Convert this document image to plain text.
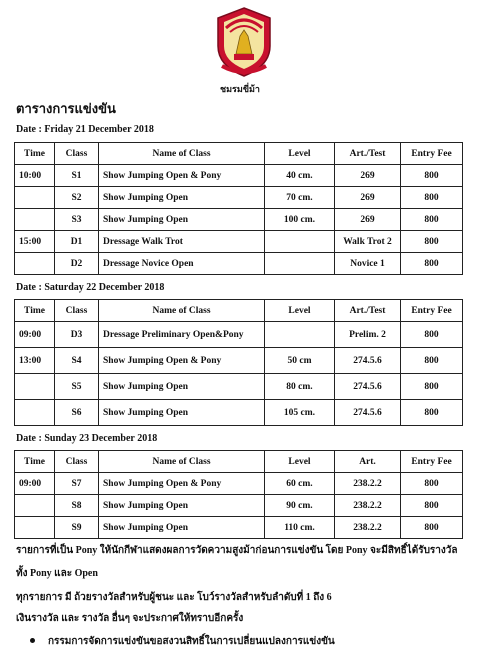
ชมรมขี่ม้า
ตารางการแข่งขัน
Date : Friday 21 December 2018
Time	Class	Name of Class	Level	Art./Test	Entry Fee
10:00	S1	Show Jumping Open & Pony	40 cm.	269	800
	S2	Show Jumping Open	70 cm.	269	800
	S3	Show Jumping Open	100 cm.	269	800
15:00	D1	Dressage Walk Trot		Walk Trot 2	800
	D2	Dressage Novice Open		Novice 1	800
Date : Saturday 22 December 2018
Time	Class	Name of Class	Level	Art./Test	Entry Fee
09:00	D3	Dressage Preliminary Open&Pony		Prelim. 2	800
13:00	S4	Show Jumping Open & Pony	50 cm	274.5.6	800
	S5	Show Jumping Open	80 cm.	274.5.6	800
	S6	Show Jumping Open	105 cm.	274.5.6	800
Date : Sunday 23 December 2018
Time	Class	Name of Class	Level	Art.	Entry Fee
09:00	S7	Show Jumping Open & Pony	60 cm.	238.2.2	800
	S8	Show Jumping Open	90 cm.	238.2.2	800
	S9	Show Jumping Open	110 cm.	238.2.2	800
รายการที่เป็น Pony ให้นักกีฬาแสดงผลการวัดความสูงม้าก่อนการแข่งขัน โดย Pony จะมีสิทธิ์ได้รับรางวัล
ทั้ง Pony และ Open
ทุกรายการ มี ถ้วยรางวัลสำหรับผู้ชนะ และ โบว์รางวัลสำหรับลำดับที่ 1 ถึง 6
เงินรางวัล และ รางวัล อื่นๆ จะประกาศให้ทราบอีกครั้ง
กรรมการจัดการแข่งขันขอสงวนสิทธิ์ในการเปลี่ยนแปลงการแข่งขัน
